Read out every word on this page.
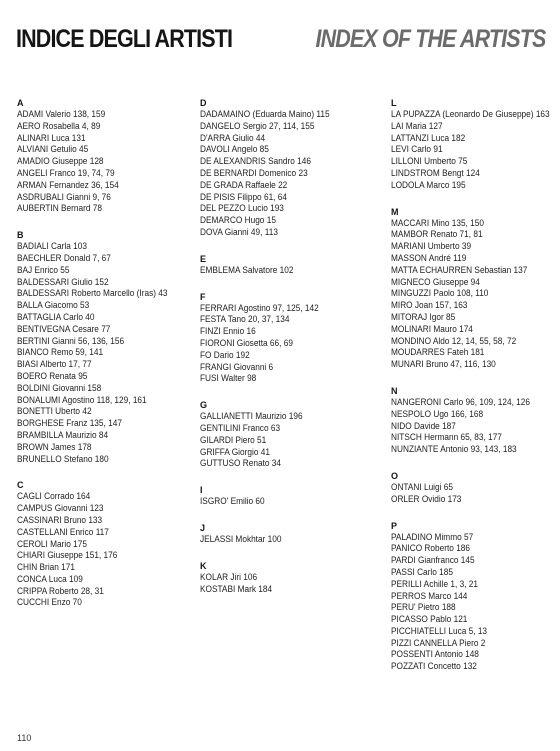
INDICE DEGLI ARTISTI	INDEX OF THE ARTISTS
A
ADAMI Valerio 138, 159
AERO Rosabella 4, 89
ALINARI Luca 131
ALVIANI Getulio 45
AMADIO Giuseppe 128
ANGELI Franco 19, 74, 79
ARMAN Fernandez 36, 154
ASDRUBALI Gianni 9, 76
AUBERTIN Bernard 78
B
BADIALI Carla 103
BAECHLER Donald 7, 67
BAJ Enrico 55
BALDESSARI Giulio 152
BALDESSARI Roberto Marcello (Iras) 43
BALLA Giacomo 53
BATTAGLIA Carlo 40
BENTIVEGNA Cesare 77
BERTINI Gianni 56, 136, 156
BIANCO Remo 59, 141
BIASI Alberto 17, 77
BOERO Renata 95
BOLDINI Giovanni 158
BONALUMI Agostino 118, 129, 161
BONETTI Uberto 42
BORGHESE Franz 135, 147
BRAMBILLA Maurizio 84
BROWN James 178
BRUNELLO Stefano 180
C
CAGLI Corrado 164
CAMPUS Giovanni 123
CASSINARI Bruno 133
CASTELLANI Enrico 117
CEROLI Mario 175
CHIARI Giuseppe 151, 176
CHIN Brian 171
CONCA Luca 109
CRIPPA Roberto 28, 31
CUCCHI Enzo 70
D
DADAMAINO (Eduarda Maino) 115
DANGELO Sergio 27, 114, 155
D'ARRA Giulio 44
DAVOLI Angelo 85
DE ALEXANDRIS Sandro 146
DE BERNARDI Domenico 23
DE GRADA Raffaele 22
DE PISIS Filippo 61, 64
DEL PEZZO Lucio 193
DEMARCO Hugo 15
DOVA Gianni 49, 113
E
EMBLEMA Salvatore 102
F
FERRARI Agostino 97, 125, 142
FESTA Tano 20, 37, 134
FINZI Ennio 16
FIORONI Giosetta 66, 69
FO Dario 192
FRANGI Giovanni 6
FUSI Walter 98
G
GALLIANETTI Maurizio 196
GENTILINI Franco 63
GILARDI Piero 51
GRIFFA Giorgio 41
GUTTUSO Renato 34
I
ISGRO' Emilio 60
J
JELASSI Mokhtar 100
K
KOLAR Jiri 106
KOSTABI Mark 184
L
LA PUPAZZA (Leonardo De Giuseppe) 163
LAI Maria 127
LATTANZI Luca 182
LEVI Carlo 91
LILLONI Umberto 75
LINDSTROM Bengt 124
LODOLA Marco 195
M
MACCARI Mino 135, 150
MAMBOR Renato 71, 81
MARIANI Umberto 39
MASSON André 119
MATTA ECHAURREN Sebastian 137
MIGNECO Giuseppe 94
MINGUZZI Paolo 108, 110
MIRO Joan 157, 163
MITORAJ Igor 85
MOLINARI Mauro 174
MONDINO Aldo 12, 14, 55, 58, 72
MOUDARRES Fateh 181
MUNARI Bruno 47, 116, 130
N
NANGERONI Carlo 96, 109, 124, 126
NESPOLO Ugo 166, 168
NIDO Davide 187
NITSCH Hermann 65, 83, 177
NUNZIANTE Antonio 93, 143, 183
O
ONTANI Luigi 65
ORLER Ovidio 173
P
PALADINO Mimmo 57
PANICO Roberto 186
PARDI Gianfranco 145
PASSI Carlo 185
PERILLI Achille 1, 3, 21
PERROS Marco 144
PERU' Pietro 188
PICASSO Pablo 121
PICCHIATELLI Luca 5, 13
PIZZI CANNELLA Piero 2
POSSENTI Antonio 148
POZZATI Concetto 132
110
